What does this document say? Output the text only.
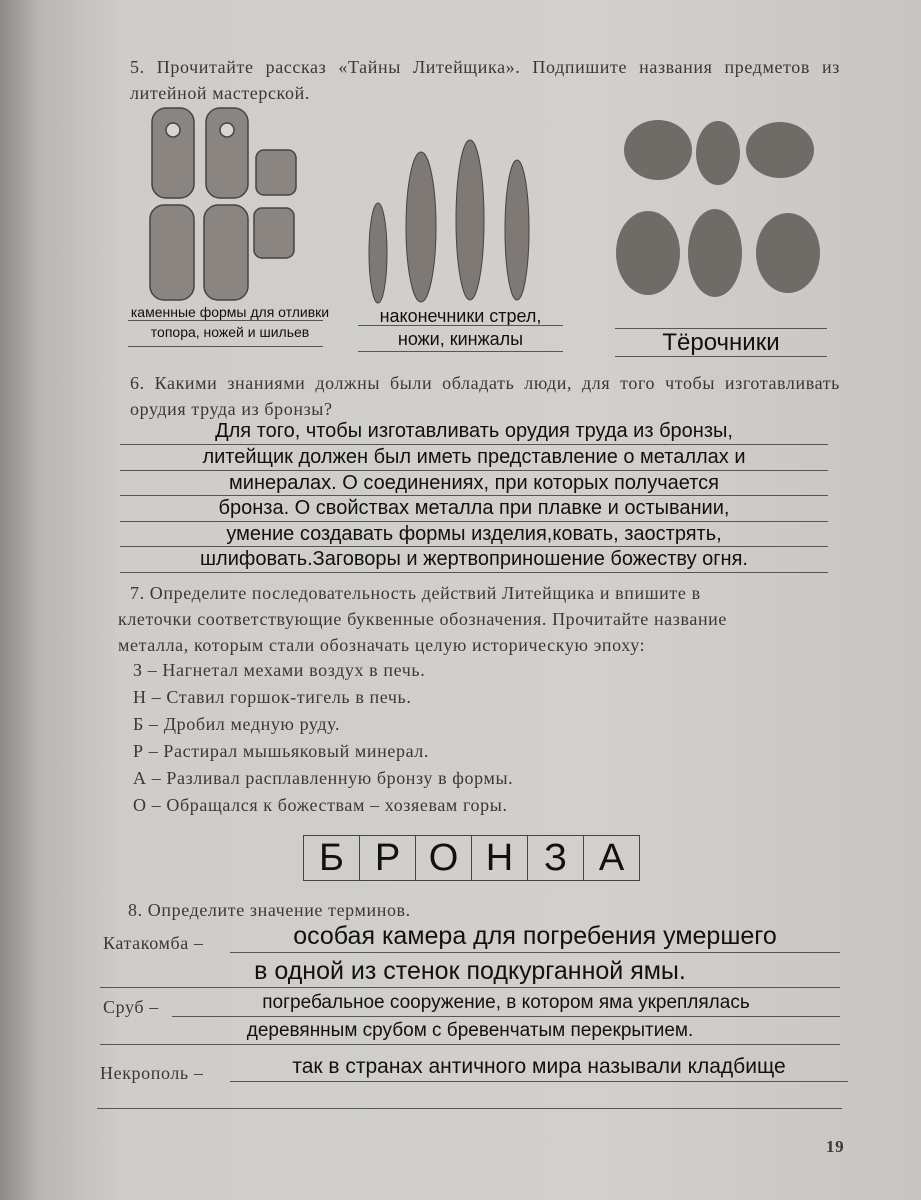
5. Прочитайте рассказ «Тайны Литейщика». Подпишите названия предметов из литейной мастерской.
каменные формы для отливки
топора, ножей и шильев
наконечники стрел,
ножи, кинжалы	Тёрочники
6. Какими знаниями должны были обладать люди, для того чтобы изготавливать орудия труда из бронзы?
Для того, чтобы изготавливать орудия труда из бронзы,
литейщик должен был иметь представление о металлах и
минералах. О соединениях, при которых получается
бронза. О свойствах металла при плавке и остывании,
умение создавать формы изделия,ковать, заострять,
шлифовать.Заговоры и жертвоприношение божеству огня.
7. Определите последовательность действий Литейщика и впишите в
клеточки соответствующие буквенные обозначения. Прочитайте название
металла, которым стали обозначать целую историческую эпоху:
З – Нагнетал мехами воздух в печь.
Н – Ставил горшок-тигель в печь.
Б – Дробил медную руду.
Р – Растирал мышьяковый минерал.
А – Разливал расплавленную бронзу в формы.
О – Обращался к божествам – хозяевам горы.
Б Р О Н З А
8. Определите значение терминов.
Катакомба –	особая камера для погребения умершего
в одной из стенок подкурганной ямы.
Сруб –	погребальное сооружение, в котором яма укреплялась
деревянным срубом с бревенчатым перекрытием.
Некрополь –	так в странах античного мира называли кладбище
19
